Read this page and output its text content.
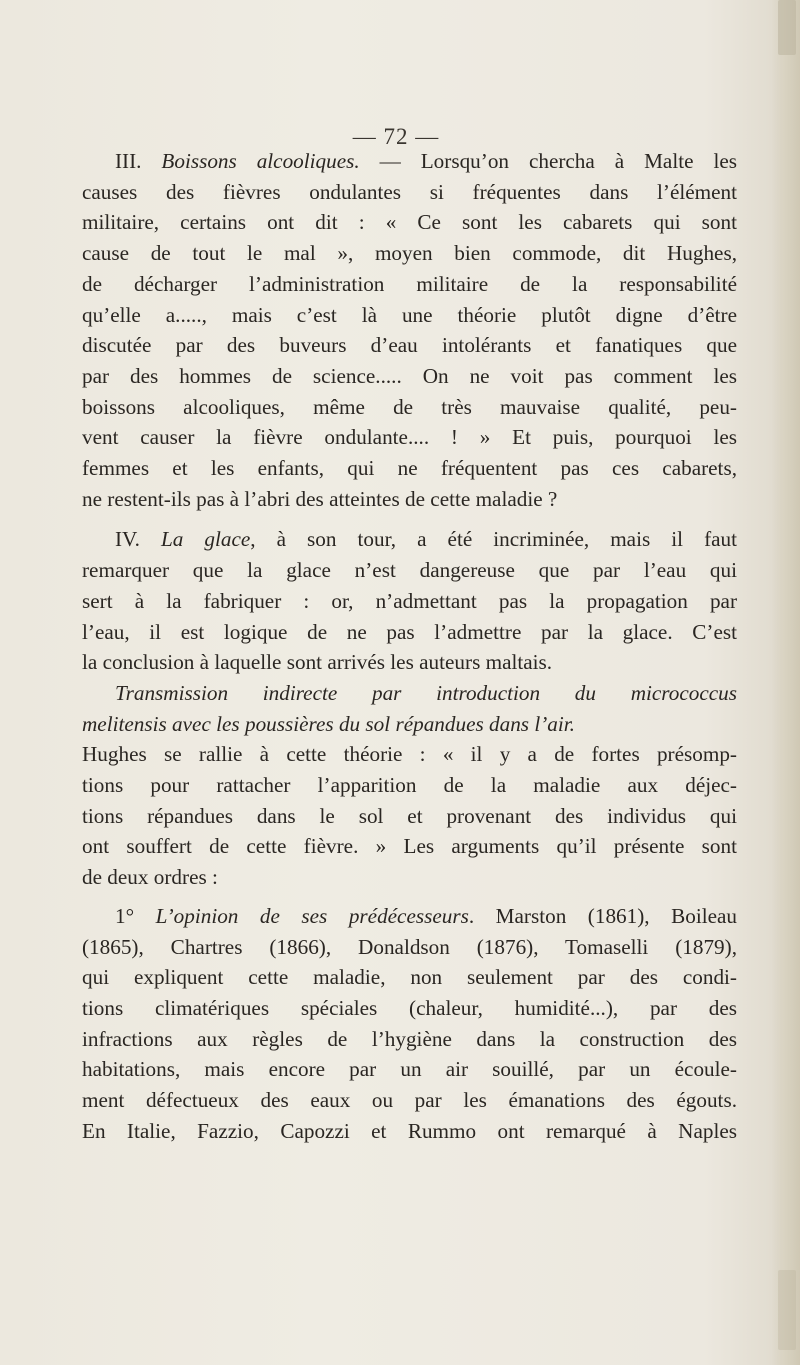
— 72 —
III. Boissons alcooliques. — Lorsqu’on chercha à Malte les
causes des fièvres ondulantes si fréquentes dans l’élément
militaire, certains ont dit : « Ce sont les cabarets qui sont
cause de tout le mal », moyen bien commode, dit Hughes,
de décharger l’administration militaire de la responsabilité
qu’elle a....., mais c’est là une théorie plutôt digne d’être
discutée par des buveurs d’eau intolérants et fanatiques que
par des hommes de science..... On ne voit pas comment les
boissons alcooliques, même de très mauvaise qualité, peu-
vent causer la fièvre ondulante.... ! » Et puis, pourquoi les
femmes et les enfants, qui ne fréquentent pas ces cabarets,
ne restent-ils pas à l’abri des atteintes de cette maladie ?
IV. La glace, à son tour, a été incriminée, mais il faut
remarquer que la glace n’est dangereuse que par l’eau qui
sert à la fabriquer : or, n’admettant pas la propagation par
l’eau, il est logique de ne pas l’admettre par la glace. C’est
la conclusion à laquelle sont arrivés les auteurs maltais.
Transmission indirecte par introduction du micrococcus
melitensis avec les poussières du sol répandues dans l’air.
Hughes se rallie à cette théorie : « il y a de fortes présomp-
tions pour rattacher l’apparition de la maladie aux déjec-
tions répandues dans le sol et provenant des individus qui
ont souffert de cette fièvre. » Les arguments qu’il présente sont
de deux ordres :
1° L’opinion de ses prédécesseurs. Marston (1861), Boileau
(1865), Chartres (1866), Donaldson (1876), Tomaselli (1879),
qui expliquent cette maladie, non seulement par des condi-
tions climatériques spéciales (chaleur, humidité...), par des
infractions aux règles de l’hygiène dans la construction des
habitations, mais encore par un air souillé, par un écoule-
ment défectueux des eaux ou par les émanations des égouts.
En Italie, Fazzio, Capozzi et Rummo ont remarqué à Naples
